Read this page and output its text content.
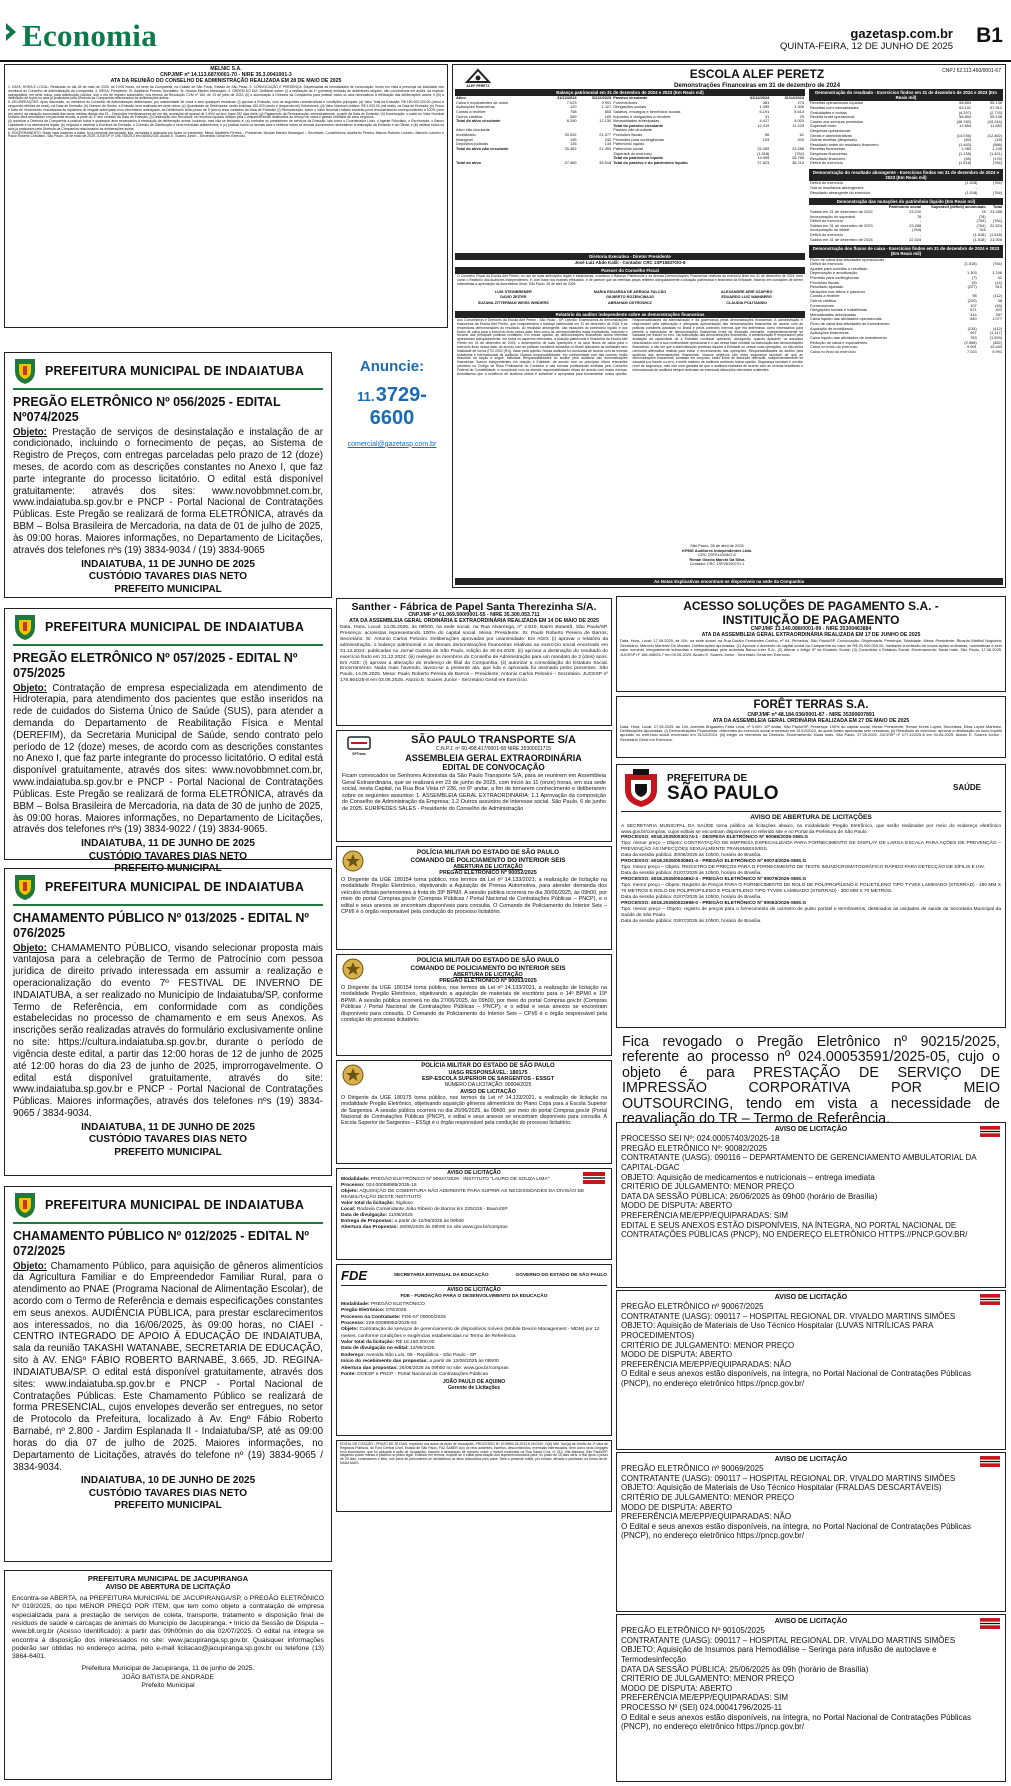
Economia	gazetasp.com.br
QUINTA-FEIRA, 12 DE JUNHO DE 2025 B1
MELNIC S.A.
CNPJ/MF nº 14.113.687/0001-70 - NIRE 35.3.0041001-3
ATA DA REUNIÃO DO CONSELHO DE ADMINISTRAÇÃO REALIZADA EM 28 DE MAIO DE 2025
1. DATA, HORA E LOCAL: Realizada no dia 28 de maio de 2025, às 10:00 horas, na sede da Companhia, na Cidade de São Paulo, Estado de São Paulo. 2. CONVOCAÇÃO E PRESENÇA: Dispensadas as formalidades de convocação, tendo em vista a presença da totalidade dos membros do Conselho de Administração da Companhia. 3. MESA: Presidente: Sr. Adalberto Pereira; Secretário: Sr. Nicolas Martins Marangoni. 4. ORDEM DO DIA: Deliberar sobre: (i) a realização da 1ª (primeira) emissão de debêntures simples, não conversíveis em ações, da espécie quirografária, em série única, para distribuição pública, sob o rito de registro automático, nos termos da Resolução CVM nº 160, de 13 de julho de 2022; (ii) a autorização à Diretoria da Companhia para praticar todos os atos necessários à efetivação das deliberações acima; e (iii) a ratificação de todos os atos já praticados pela Diretoria da Companhia relacionados às deliberações acima.
5. DELIBERAÇÕES: Após discussão, os membros do Conselho de Administração deliberaram, por unanimidade de votos e sem quaisquer ressalvas: (i) aprovar a Emissão, com as seguintes características e condições principais: (a) Valor Total da Emissão: R$ 150.000.000,00 (cento e cinquenta milhões de reais), na Data de Emissão; (b) Número de Séries: a Emissão será realizada em série única; (c) Quantidade de Debêntures: serão emitidas 150.000 (cento e cinquenta mil) Debêntures; (d) Valor Nominal Unitário: R$ 1.000,00 (mil reais), na Data de Emissão; (e) Prazo e Data de Vencimento: ressalvadas as hipóteses de resgate antecipado e/ou vencimento antecipado, as Debêntures terão prazo de 5 (cinco) anos contados da Data de Emissão; (f) Remuneração: sobre o Valor Nominal Unitário incidirão juros remuneratórios correspondentes a 100% (cem por cento) da variação acumulada das taxas médias diárias dos DI – Depósitos Interfinanceiros de um dia, acrescida de spread de 1,60% ao ano, base 252 dias úteis; (g) Pagamento da Remuneração: semestralmente, a partir da Data de Emissão; (h) Amortização: o saldo do Valor Nominal Unitário será amortizado em parcelas anuais, a partir do 3º ano contado da Data de Emissão; (i) Destinação dos Recursos: os recursos líquidos obtidos pela Companhia serão destinados ao reforço de caixa e gestão ordinária de seus negócios.
(ii) autorizar a Diretoria da Companhia a praticar todos e quaisquer atos necessários à efetivação da deliberação acima, incluindo, mas não se limitando a: (a) contratar os prestadores de serviços da Emissão, tais como o Coordenador Líder, o Agente Fiduciário, o Escriturador, o Banco Liquidante e os assessores legais; (b) negociar e celebrar a Escritura de Emissão, o Contrato de Distribuição e seus eventuais aditamentos; e (c) praticar todos os demais atos e celebrar todos os demais documentos necessários à realização da Emissão e da Oferta; e (iii) ratificar todos os atos já praticados pela Diretoria da Companhia relacionados às deliberações acima.
6. ENCERRAMENTO: Nada mais havendo a tratar, foi a presente ata lavrada, lida, aprovada e assinada por todos os presentes. Mesa: Adalberto Pereira – Presidente; Nicolas Martins Marangoni – Secretário. Conselheiros: Adalberto Pereira, Marcos Roberto Loureiro, Marcelo Loureiro e Paulo Roberto Cristófaro. São Paulo, 28 de maio de 2025. JUCESP nº 198.745/25-3 em 06/06/2025. Aloizio E. Soares Junior – Secretário Geral em Exercício.
ALEF PERETZ
ESCOLA ALEF PERETZ	CNPJ 62.113.460/0001-67
Demonstrações Financeiras em 31 de dezembro de 2024
Balanço patrimonial em 31 de dezembro de 2024 e 2023 (Em Reais mil)
Ativo	31/12/2024	31/12/2023	Passivo circulante	31/12/2024	31/12/2023
Caixa e equivalentes de caixa	7.023	9.991	Fornecedores	381	274
Aplicações financeiras	120	1.117	Obrigações sociais	1.399	1.305
Contas a receber	758	853	Salários, encargos e benefícios sociais	6.191	5.614
Outros créditos	389	169	Impostos e obrigações a recolher	31	29
Total do ativo circulante	8.290	12.130	Mensalidades antecipadas	4.417	4.003
			Total do passivo circulante	12.419	11.225
Ativo não circulante			Passivo não circulante		
Imobilizado	20.052	21.077	Provisões fiscais	56	61
Intangível	195	242	Provisões para contingências	193	200
Depósitos judiciais	135	134	Patrimônio líquido		
Total do ativo não circulante	20.382	21.453	Patrimônio social	24.269	23.288
			Superávit do exercício	(1.518)	(764)
			Total do patrimônio líquido	14.995	26.766
Total do ativo	27.489	35.518	Total do passivo e do patrimônio líquido	27.623	38.210
Demonstração do resultado - Exercícios findos em 31 de dezembro de 2024 e 2023 (Em Reais mil)
Receitas operacionais líquidas	58.804	55.136
Receitas com mensalidades	63.101	57.912
Gratuidades e bolsas	(4.297)	(2.776)
Receita bruta operacional	58.804	55.136
Custos dos serviços prestados	(46.150)	(43.244)
Superávit bruto	12.654	11.892
Despesas operacionais		
Gerais e administrativas	(14.035)	(12.462)
Outras receitas (despesas)	(82)	(18)
Resultado antes do resultado financeiro	(1.463)	(588)
Receitas financeiras	1.083	1.245
Despesas financeiras	(1.138)	(1.421)
Resultado financeiro	(55)	(176)
Déficit do exercício	(1.518)	(764)
Demonstração do resultado abrangente - Exercícios findos em 31 de dezembro de 2024 e 2023 (Em Reais mil)
Déficit do exercício	(1.518)	(764)
Outros resultados abrangentes	-	-
Resultado abrangente do exercício	(1.518)	(764)
Demonstração das mutações do patrimônio líquido (Em Reais mil)
	Patrimônio social	Superávit (déficit) acumulado	Total
Saldos em 31 de dezembro de 2022	23.210	78	23.288
Incorporação do superávit	78	(78)	-
Déficit do exercício	-	(764)	(764)
Saldos em 31 de dezembro de 2023	23.288	(764)	22.524
Incorporação do déficit	(764)	764	-
Déficit do exercício	-	(1.518)	(1.518)
Saldos em 31 de dezembro de 2024	22.524	(1.518)	21.006
Demonstração dos fluxos de caixa - Exercícios findos em 31 de dezembro de 2024 e 2023 (Em Reais mil)
Fluxo de caixa das atividades operacionais		
Déficit do exercício	(1.518)	(764)
Ajustes para conciliar o resultado		
Depreciação e amortização	1.303	1.246
Provisão para contingências	(7)	42
Provisões fiscais	(5)	(14)
Resultado ajustado	(227)	510
Variações nos ativos e passivos		
Contas a receber	95	(112)
Outros créditos	(220)	38
Fornecedores	107	(48)
Obrigações sociais e trabalhistas	671	402
Mensalidades antecipadas	414	287
Caixa líquido das atividades operacionais	840	1.077
Fluxo de caixa das atividades de investimento		
Aquisição de imobilizado	(234)	(412)
Aplicações financeiras	997	(1.117)
Caixa líquido das atividades de investimento	763	(1.529)
Redução de caixa e equivalentes	(2.968)	(452)
Caixa no início do exercício	9.991	10.443
Caixa no final do exercício	7.023	9.991
Diretoria Executiva - Diretor Presidente
José Luiz Abdo Kalili - Contador CRC 1SP158370/O-8
Parecer do Conselho Fiscal
O Conselho Fiscal da Escola Alef Peretz, no uso de suas atribuições legais e estatutárias, examinou o Balanço Patrimonial e as demais Demonstrações Financeiras relativas ao exercício findo em 31 de dezembro de 2024, bem como o Relatório dos Auditores Independentes, e, com base nos exames efetuados, é de parecer que as referidas peças refletem adequadamente a situação patrimonial e financeira da Entidade, estando em condições de serem submetidas à apreciação da Assembleia Geral. São Paulo, 28 de abril de 2025.
LUIS STEINBRENER	MARIA EDUARDA DE ARRUDA FALCÃO	ALEXANDRE ARIÉ SZAPIRO
DAVID ZEITER	GILBERTO ROZENCWAJG	EDUARDO LUIZ WAINBERG
SUZANA ZITTERMAN WEISS WINDERS	ABRAHAM OSTROWICZ	CLAUDIA POLITANSKI
Relatório do auditor independente sobre as demonstrações financeiras
Aos Conselheiros e Diretores da Escola Alef Peretz - São Paulo - SP. Opinião: Examinamos as demonstrações financeiras da Escola Alef Peretz, que compreendem o balanço patrimonial em 31 de dezembro de 2024 e as respectivas demonstrações do resultado, do resultado abrangente, das mutações do patrimônio líquido e dos fluxos de caixa para o exercício findo nessa data, bem como as correspondentes notas explicativas, incluindo o resumo das principais políticas contábeis. Em nossa opinião, as demonstrações financeiras acima referidas apresentam adequadamente, em todos os aspectos relevantes, a posição patrimonial e financeira da Escola Alef Peretz em 31 de dezembro de 2024, o desempenho de suas operações e os seus fluxos de caixa para o exercício findo nessa data, de acordo com as práticas contábeis adotadas no Brasil aplicáveis às entidades sem finalidade de lucros (ITG 2002 (R1)). Base para opinião: Nossa auditoria foi conduzida de acordo com as normas brasileiras e internacionais de auditoria. Nossas responsabilidades, em conformidade com tais normas, estão descritas na seção a seguir, intitulada Responsabilidades do auditor pela auditoria das demonstrações financeiras. Somos independentes em relação à Entidade, de acordo com os princípios éticos relevantes previstos no Código de Ética Profissional do Contador e nas normas profissionais emitidas pelo Conselho Federal de Contabilidade, e cumprimos com as demais responsabilidades éticas de acordo com essas normas. Acreditamos que a evidência de auditoria obtida é suficiente e apropriada para fundamentar nossa opinião. Responsabilidades da administração e da governança pelas demonstrações financeiras: A administração é responsável pela elaboração e adequada apresentação das demonstrações financeiras de acordo com as práticas contábeis adotadas no Brasil e pelos controles internos que ela determinou como necessários para permitir a elaboração de demonstrações financeiras livres de distorção relevante, independentemente se causada por fraude ou erro. Na elaboração das demonstrações financeiras, a administração é responsável pela avaliação da capacidade de a Entidade continuar operando, divulgando, quando aplicável, os assuntos relacionados com a sua continuidade operacional e o uso dessa base contábil na elaboração das demonstrações financeiras, a não ser que a administração pretenda liquidar a Entidade ou cessar suas operações, ou não tenha nenhuma alternativa realista para evitar o encerramento das operações. Responsabilidades do auditor pela auditoria das demonstrações financeiras: Nossos objetivos são obter segurança razoável de que as demonstrações financeiras, tomadas em conjunto, estão livres de distorção relevante, independentemente se causada por fraude ou erro, e emitir relatório de auditoria contendo nossa opinião. Segurança razoável é um alto nível de segurança, mas não uma garantia de que a auditoria realizada de acordo com as normas brasileiras e internacionais de auditoria sempre detectam as eventuais distorções relevantes existentes.
São Paulo, 28 de abril de 2025
KPMG Auditores Independentes Ltda.
CRC 2SP014428/O-6
Renan Garcia Marchi Da Silva
Contador CRC 1SP261007/O-1
As Notas Explicativas encontram-se disponíveis na sede da Companhia
PREFEITURA MUNICIPAL DE INDAIATUBA
PREGÃO ELETRÔNICO Nº 056/2025 - EDITAL Nº074/2025
Objeto: Prestação de serviços de desinstalação e instalação de ar condicionado, incluindo o fornecimento de peças, ao Sistema de Registro de Preços, com entregas parceladas pelo prazo de 12 (doze) meses, de acordo com as descrições constantes no Anexo I, que faz parte integrante do processo licitatório. O edital está disponível gratuitamente: através dos sites: www.novobbmnet.com.br, www.indaiatuba.sp.gov.br e PNCP - Portal Nacional de Contratações Públicas. Este Pregão se realizará de forma ELETRÔNICA, através da BBM – Bolsa Brasileira de Mercadoria, na data de 01 de julho de 2025, às 09:00 horas. Maiores informações, no Departamento de Licitações, através dos telefones nºs (19) 3834-9034 / (19) 3834-9065
INDAIATUBA, 11 DE JUNHO DE 2025
CUSTÓDIO TAVARES DIAS NETO
PREFEITO MUNICIPAL
Anuncie:
11. 3729-6600
comercial@gazetasp.com.br
PREFEITURA MUNICIPAL DE INDAIATUBA
PREGÃO ELETRÔNICO Nº 057/2025 - EDITAL Nº 075/2025
Objeto: Contratação de empresa especializada em atendimento de Hidroterapia, para atendimento dos pacientes que estão inseridos na rede de cuidados do Sistema Único de Saúde (SUS), para atender a demanda do Departamento de Reabilitação Física e Mental (DEREFIM), da Secretaria Municipal de Saúde, sendo contrato pelo período de 12 (doze) meses, de acordo com as descrições constantes no Anexo I, que faz parte integrante do processo licitatório. O edital está disponível gratuitamente, através dos sites: www.novobbmnet.com.br, www.indaiatuba.sp.gov.br e PNCP - Portal Nacional de Contratações Públicas. Este Pregão se realizará de forma ELETRÔNICA, através da BBM – Bolsa Brasileira de Mercadoria, na data de 30 de junho de 2025, às 09:00 horas. Maiores informações, no Departamento de Licitações, através dos telefones nºs (19) 3834-9022 / (19) 3834-9065.
INDAIATUBA, 11 DE JUNHO DE 2025
CUSTÓDIO TAVARES DIAS NETO
PREFEITO MUNICIPAL
PREFEITURA MUNICIPAL DE INDAIATUBA
CHAMAMENTO PÚBLICO Nº 013/2025 - EDITAL Nº 076/2025
Objeto: CHAMAMENTO PÚBLICO, visando selecionar proposta mais vantajosa para a celebração de Termo de Patrocínio com pessoa jurídica de direito privado interessada em assumir a realização e operacionalização do evento 7º FESTIVAL DE INVERNO DE INDAIATUBA, a ser realizado no Município de Indaiatuba/SP, conforme Termo de Referência, em conformidade com as condições estabelecidas no processo de chamamento e em seus Anexos. As inscrições serão realizadas através do formulário exclusivamente online no site: https://cultura.indaiatuba.sp.gov.br, durante o período de vigência deste edital, a partir das 12:00 horas de 12 de junho de 2025 até 12:00 horas do dia 23 de junho de 2025, improrrogavelmente. O edital está disponível gratuitamente, através do site: www.indaiatuba.sp.gov.br e PNCP - Portal Nacional de Contratações Públicas. Maiores informações, através dos telefones nºs (19) 3834-9065 / 3834-9034.
INDAIATUBA, 11 DE JUNHO DE 2025
CUSTÓDIO TAVARES DIAS NETO
PREFEITO MUNICIPAL
PREFEITURA MUNICIPAL DE INDAIATUBA
CHAMAMENTO PÚBLICO Nº 012/2025 - EDITAL Nº 072/2025
Objeto: Chamamento Público, para aquisição de gêneros alimentícios da Agricultura Familiar e do Empreendedor Familiar Rural, para o atendimento ao PNAE (Programa Nacional de Alimentação Escolar), de acordo com o Termo de Referência e demais especificações constantes em seus anexos. AUDIÊNCIA PÚBLICA, para prestar esclarecimentos aos interessados, no dia 16/06/2025, às 09:00 horas, no CIAEI - CENTRO INTEGRADO DE APOIO À EDUCAÇÃO DE INDAIATUBA, sala da reunião TAKASHI WATANABE, SECRETARIA DE EDUCAÇÃO, sito à AV. ENGº FÁBIO ROBERTO BARNABÉ, 3.665, JD. REGINA-INDAIATUBA/SP. O edital está disponível gratuitamente, através dos sites: www.indaiatuba.sp.gov.br e PNCP - Portal Nacional de Contratações Públicas. Este Chamamento Público se realizará de forma PRESENCIAL, cujos envelopes deverão ser entregues, no setor de Protocolo da Prefeitura, localizado à Av. Engº Fábio Roberto Barnabé, nº 2.800 - Jardim Esplanada II - Indaiatuba/SP, até as 09:00 horas do dia 07 de julho de 2025. Maiores informações, no Departamento de Licitações, através do telefone nº (19) 3834-9065 / 3834-9034.
INDAIATUBA, 10 DE JUNHO DE 2025
CUSTÓDIO TAVARES DIAS NETO
PREFEITO MUNICIPAL
PREFEITURA MUNICIPAL DE JACUPIRANGA
AVISO DE ABERTURA DE LICITAÇÃO
Encontra-se ABERTA, na PREFEITURA MUNICIPAL DE JACUPIRANGA/SP, o PREGÃO ELETRÔNICO Nº 019/2025, do tipo MENOR PREÇO POR ITEM, que tem como objeto a contratação de empresa especializada para a prestação de serviços de coleta, transporte, tratamento e disposição final de resíduos de saúde e carcaças de animais do Município de Jacupiranga. • Início da Sessão de Disputa – www.bll.org.br (Acesso Identificado): a partir das 09h00min do dia 02/07/2025. O edital na íntegra se encontra à disposição dos interessados no site: www.jacupiranga.sp.gov.br. Quaisquer informações poderão ser obtidas no endereço acima, pelo e-mail licitacao@jacupiranga.sp.gov.br ou telefone (13) 3864-6401.
Prefeitura Municipal de Jacupiranga, 11 de junho de 2025.
JOÃO BATISTA DE ANDRADE
Prefeito Municipal
Santher - Fábrica de Papel Santa Therezinha S/A.
CNPJ/MF nº 61.069.500/0001-55 - NIRE 35.300.053.711
ATA DA ASSEMBLEIA GERAL ORDINÁRIA E EXTRAORDINÁRIA REALIZADA EM 14 DE MAIO DE 2025
Data, Hora, Local: 14.05.2025, às 09h00, na sede social, na Rua Alvarenga, nº 2.510, Bairro Butantã, São Paulo/SP. Presença: acionistas representando 100% do capital social. Mesa: Presidente: Sr. Paulo Roberto Pereira de Barros; Secretário: Sr. Antonio Carlos Pelosini. Deliberações aprovadas por unanimidade: Em AGO: (i) aprovar o relatório da administração, o balanço patrimonial e as demais demonstrações financeiras relativas ao exercício social encerrado em 31.12.2024, publicadas no Jornal Gazeta de São Paulo, edição de 30.04.2025; (ii) aprovar a destinação do resultado do exercício findo em 31.12.2024; (iii) reeleger os membros do Conselho de Administração para um mandato de 2 (dois) anos. Em AGE: (i) aprovar a alteração do endereço de filial da Companhia; (ii) autorizar a consolidação do Estatuto Social. Encerramento: Nada mais havendo, lavrou-se a presente ata, que lida e aprovada foi assinada pelos presentes. São Paulo, 14.05.2025. Mesa: Paulo Roberto Pereira de Barros – Presidente; Antonio Carlos Pelosini – Secretário. JUCESP nº 176.864/25-8 em 03.06.2025. Aloizio E. Soares Junior - Secretário Geral em Exercício.
ACESSO SOLUÇÕES DE PAGAMENTO S.A. -
INSTITUIÇÃO DE PAGAMENTO
CNPJ/MF 13.140.088/0001-99 - NIRE 35300463884
ATA DA ASSEMBLEIA GERAL EXTRAORDINÁRIA REALIZADA EM 17 DE JUNHO DE 2025
Data, Hora, Local: 17.06.2025, às 10h, na sede social, na Rua Doutor Fernandes Coelho, nº 64, Pinheiros, São Paulo/SP. Convocação: Dispensada. Presença: Totalidade. Mesa: Presidente: Ricardo Mattioli Nogueira; Secretário: Marcelo Martinez De Moraes. Deliberações aprovadas: (1) Aprovar o aumento do capital social da Companhia no valor de R$ 20.000.000,00, mediante a emissão de novas ações ordinárias, nominativas e sem valor nominal, integralmente subscritas e integralizadas pela acionista Banco Inter S.A.; (2) Alterar o Artigo 5º do Estatuto Social; (3) Consolidar o Estatuto Social. Encerramento: Nada mais. São Paulo, 17.06.2025. JUCESP nº 186.498/25-7 em 09.06.2025. Aloizio E. Soares Junior - Secretário Geral em Exercício.
FORÊT TERRAS S.A.
CNPJ/MF nº 48.184.036/0001-87 - NIRE 35300607891
ATA DA ASSEMBLEIA GERAL ORDINÁRIA REALIZADA EM 27 DE MAIO DE 2025
Data, Hora, Local: 27.05.2025, às 10h, Avenida Brigadeiro Faria Lima, nº 3.900, 10º andar, São Paulo/SP. Presença: 100% do capital social. Mesa: Presidente: Renan Krebs Lopes; Secretária: Elisa Lopes Martinez. Deliberações Aprovadas: (i) Demonstrações Financeiras: referentes ao exercício social encerrado em 31/12/2024, as quais foram aprovadas sem ressalvas; (ii) Resultado do exercício: aprovar a destinação do lucro líquido apurado no exercício social encerrado em 31/12/2024; (iii) eleger os membros da Diretoria. Encerramento: Nada mais. São Paulo, 27.05.2025. JUCESP nº 177.422/25-6 em 04.06.2025. Aloizio E. Soares Junior - Secretário Geral em Exercício.
SPTrans
SÃO PAULO TRANSPORTE S/A
C.N.P.J. nº 60.498.417/0001-58 NIRE 35300011715
ASSEMBLEIA GERAL EXTRAORDINÁRIA
EDITAL DE CONVOCAÇÃO
Ficam convocados os Senhores Acionistas da São Paulo Transporte S/A, para se reunirem em Assembleia Geral Extraordinária, que se realizará em 23 de junho de 2025, com início às 11 (onze) horas, em sua sede social, nesta Capital, na Rua Boa Vista nº 236, no 6º andar, a fim de tomarem conhecimento e deliberarem sobre os seguintes assuntos: 1. ASSEMBLEIA GERAL EXTRAORDINÁRIA: 1.1 Aprovação da composição do Conselho de Administração da Empresa; 1.2 Outros assuntos de interesse social. São Paulo, 6 de junho de 2025. EURÍPEDES SALES - Presidente do Conselho de Administração
POLÍCIA MILITAR DO ESTADO DE SÃO PAULO
COMANDO DE POLICIAMENTO DO INTERIOR SEIS
ABERTURA DE LICITAÇÃO
PREGÃO ELETRÔNICO Nº 90052/2025
O Dirigente da UGE 180154 torna público, nos termos da Lei nº 14.133/2021, a realização de licitação na modalidade Pregão Eletrônico, objetivando a Aquisição de Prensa Automotiva, para atender demanda dos veículos oficiais pertencentes à frota do 39º BPM/I. A sessão pública ocorrerá no dia 30/06/2025, às 09h00, por meio do portal Compras.gov.br (Compras Públicas / Portal Nacional de Contratações Públicas – PNCP), e o edital e seus anexos se encontram disponíveis para consulta. O Comando de Policiamento do Interior Seis – CPI/6 é o órgão responsável pela condução do processo licitatório.
POLÍCIA MILITAR DO ESTADO DE SÃO PAULO
COMANDO DE POLICIAMENTO DO INTERIOR SEIS
ABERTURA DE LICITAÇÃO
PREGÃO ELETRÔNICO Nº 90053/2025
O Dirigente da UGE 180154 torna público, nos termos da Lei nº 14.133/2021, a realização de licitação na modalidade Pregão Eletrônico, objetivando a aquisição de materiais de escritório para o 14º BPM/I e 19º BPM/I. A sessão pública ocorrerá no dia 27/06/2025, às 09h00, por meio do portal Compras.gov.br (Compras Públicas / Portal Nacional de Contratações Públicas – PNCP), e o edital e seus anexos se encontram disponíveis para consulta. O Comando de Policiamento do Interior Seis – CPI/6 é o órgão responsável pela condução do processo licitatório.
POLÍCIA MILITAR DO ESTADO DE SÃO PAULO
UASG RESPONSÁVEL: 180175
ESP-ESCOLA SUPERIOR DE SARGENTOS - ESSGT
NÚMERO DA LICITAÇÃO: 90004/2025
AVISO DE LICITAÇÃO
O Dirigente da UGE 180175 torna público, nos termos da Lei nº 14.133/2021, a realização de licitação na modalidade Pregão Eletrônico, objetivando aquisição gêneros alimentícios do Plano Copa para a Escola Superior de Sargentos. A sessão pública ocorrerá no dia 26/06/2025, às 09h00, por meio do portal Compras.gov.br (Portal Nacional de Contratações Públicas (PNCP), e edital e seus anexos se encontram disponíveis para consulta. A Escola Superior de Sargentos – ESSgt é o órgão responsável pela condução do processo licitatório.
AVISO DE LICITAÇÃO
Modalidade: PREGÃO ELETRÔNICO Nº 90047/2025 - INSTITUTO "LAURO DE SOUZA LIMA"
Processo: 024.00058989/2025-15
Objeto: AQUISIÇÃO DE COBERTURA NÃO ADERENTE PARA SUPRIR AS NECESSIDADES DA DIVISÃO DE REABILITAÇÃO DESTE INSTITUTO
Valor total da licitação: Sigiloso
Local: Rodovia Comandante João Ribeiro de Barros km 225/226 - Bauru/SP
Data de divulgação: 11/06/2025
Entrega de Propostas: a partir de 12/06/2025 às 09h00
Abertura das Propostas: 26/06/2025 às 09h00 no site www.gov.br/compras
FDE	SECRETARIA ESTADUAL DA EDUCAÇÃO	GOVERNO DO ESTADO DE SÃO PAULO
AVISO DE LICITAÇÃO
FDE - FUNDAÇÃO PARA O DESENVOLVIMENTO DA EDUCAÇÃO
Modalidade: PREGÃO ELETRÔNICO
Pregão Eletrônico: 078/2025
Processo na Contratante: FDE-Nº 00000/2025
Processo: 229.00088952/2025-53
Objeto: Contratação de serviços de gerenciamento de dispositivos móveis (Mobile Device Management - MDM) por 12 meses, conforme condições e exigências estabelecidas no Termo de Referência.
Valor total da licitação: R$ 18.150.000,00
Data de divulgação no edital: 12/06/2025
Endereço: Avenida São Luís, 99 - República - São Paulo - SP
Início do recebimento das propostas: a partir de 12/06/2025 às 09h00
Abertura das propostas: 26/06/2025 às 09h00 no site: www.gov.br/compras
Fonte: DOESP e PNCP - Portal Nacional de Contratações Públicas
JOÃO PAULO DE AQUINO
Gerente de Licitações
EDITAL DE CITAÇÃO - PRAZO DE 30 DIAS, expedido nos autos da Ação de Usucapião, PROCESSO Nº 1019854-25.2024.8.26.0100. O(A) MM. Juiz(a) de Direito da 1ª Vara de Registros Públicos, do Foro Central Cível, Estado de São Paulo, FAZ SABER a(o) os réus ausentes, incertos, desconhecidos, eventuais interessados, bem como seus cônjuges e/ou sucessores, que foi ajuizada a ação de Usucapião, visando a declaração de domínio sobre o imóvel localizado na Rua Santa Cruz, nº 212, Vila Mariana, São Paulo/SP, alegando posse mansa e pacífica no prazo legal. Estando em termos, expede-se o edital para citação dos supramencionados para, no prazo de 15 dias úteis, a fluir após o prazo de 30 dias, contestarem o feito, sob pena de presumirem-se verdadeiros os fatos articulados pelo autor. Será o presente edital, por extrato, afixado e publicado na forma da lei. NADA MAIS.
PREFEITURA DE
SÃO PAULO	SAÚDE
AVISO DE ABERTURA DE LICITAÇÕES
A SECRETARIA MUNICIPAL DA SAÚDE torna público as licitações abaixo, na modalidade Pregão Eletrônico, que serão realizadas por meio do endereço eletrônico www.gov.br/compras, cujos editais se encontram disponíveis no referido site e no Portal da Prefeitura de São Paulo.
PROCESSO: 6018.2025/0030174-1 - DESPESA ELETRÔNICO Nº 90068/2025-SMS.G
Tipo: menor preço – Objeto: CONTRATAÇÃO DE EMPRESA ESPECIALIZADA PARA FORNECIMENTO DE DISPLAY DE LARGA ESCALA PARA AÇÕES DE PREVENÇÃO – PREVENÇÃO ÀS INFECÇÕES SEXUALMENTE TRANSMISSÍVEIS.
Data da sessão pública: 30/06/2025 às 10h00, horário de Brasília.
PROCESSO: 6018.2025/0030861-4 - PREGÃO ELETRÔNICO Nº 90074/2025-SMS.G
Tipo: menor preço – Objeto: REGISTRO DE PREÇOS PARA O FORNECIMENTO DE TESTE IMUNOCROMATOGRÁFICO RÁPIDO PARA DETECÇÃO DE SÍFILIS E HIV.
Data da sessão pública: 01/07/2025 às 10h00, horário de Brasília.
PROCESSO: 6018.2025/0024862-3 - PREGÃO ELETRÔNICO Nº 90079/2025-SMS.G
Tipo: menor preço – Objeto: Registro de Preços PARA O FORNECIMENTO DE ROLO DE POLIPROPILENO E POLIETILENO TIPO TYVEK LAMINADO (STERRAD) - 180 MM X 70 METROS E ROLO DE POLIPROPILENO E POLIETILENO TIPO TYVEK LAMINADO (STERRAD) - 300 MM X 70 METROS.
Data da sessão pública: 02/07/2025 às 10h00, horário de Brasília.
PROCESSO: 6018.2025/0022698-0 - PREGÃO ELETRÔNICO Nº 90063/2025-SMS.G
Tipo: menor preço – Objeto: registro de preços para o fornecimento de oxímetro de pulso portátil e termômetros, destinados às unidades de saúde da Secretaria Municipal da Saúde de São Paulo.
Data da sessão pública: 03/07/2025 às 10h00, horário de Brasília.
Fica revogado o Pregão Eletrônico nº 90215/2025, referente ao processo nº 024.00053591/2025-05, cujo o objeto é para PRESTAÇÃO DE SERVIÇO DE IMPRESSÃO CORPORATIVA POR MEIO OUTSOURCING, tendo em vista a necessidade de reavaliação do TR – Termo de Referência.
AVISO DE LICITAÇÃO
PROCESSO SEI Nº: 024.00057403/2025-18
PREGÃO ELETRÔNICO Nº: 90082/2025
CONTRATANTE (UASG): 090116 – DEPARTAMENTO DE GERENCIAMENTO AMBULATORIAL DA CAPITAL-DGAC
OBJETO: Aquisição de medicamentos e nutricionais – entrega imediata
CRITÉRIO DE JULGAMENTO: MENOR PREÇO
DATA DA SESSÃO PÚBLICA: 26/06/2025 às 09h00 (horário de Brasília)
MODO DE DISPUTA: ABERTO
PREFERÊNCIA ME/EPP/EQUIPARADAS: SIM
EDITAL E SEUS ANEXOS ESTÃO DISPONÍVEIS, NA ÍNTEGRA, NO PORTAL NACIONAL DE CONTRATAÇÕES PÚBLICAS (PNCP), NO ENDEREÇO ELETRÔNICO HTTPS://PNCP.GOV.BR/
AVISO DE LICITAÇÃO
PREGÃO ELETRÔNICO nº 90067/2025
CONTRATANTE (UASG): 090117 – HOSPITAL REGIONAL DR. VIVALDO MARTINS SIMÕES
OBJETO: Aquisição de Materiais de Uso Técnico Hospitalar (LUVAS NITRÍLICAS PARA PROCEDIMENTOS)
CRITÉRIO DE JULGAMENTO: MENOR PREÇO
MODO DE DISPUTA: ABERTO
PREFERÊNCIA ME/EPP/EQUIPARADAS: NÃO
O Edital e seus anexos estão disponíveis, na íntegra, no Portal Nacional de Contratações Públicas (PNCP), no endereço eletrônico https://pncp.gov.br/
AVISO DE LICITAÇÃO
PREGÃO ELETRÔNICO nº 90069/2025
CONTRATANTE (UASG): 090117 – HOSPITAL REGIONAL DR. VIVALDO MARTINS SIMÕES
OBJETO: Aquisição de Materiais de Uso Técnico Hospitalar (FRALDAS DESCARTÁVEIS)
CRITÉRIO DE JULGAMENTO: MENOR PREÇO
MODO DE DISPUTA: ABERTO
PREFERÊNCIA ME/EPP/EQUIPARADAS: NÃO
O Edital e seus anexos estão disponíveis, na íntegra, no Portal Nacional de Contratações Públicas (PNCP), no endereço eletrônico https://pncp.gov.br/
AVISO DE LICITAÇÃO
PREGÃO ELETRÔNICO Nº 90105/2025
CONTRATANTE (UASG): 090117 – HOSPITAL REGIONAL DR. VIVALDO MARTINS SIMÕES
OBJETO: Aquisição de Insumos para Hemodiálise – Seringa para infusão de autoclave e Termodesinfecção
DATA DA SESSÃO PÚBLICA: 25/06/2025 às 09h (horário de Brasília)
CRITÉRIO DE JULGAMENTO: MENOR PREÇO
MODO DE DISPUTA: ABERTO
PREFERÊNCIA ME/EPP/EQUIPARADAS: SIM
PROCESSO Nº (SEI) 024.00041796/2025-11
O Edital e seus anexos estão disponíveis, na íntegra, no Portal Nacional de Contratações Públicas (PNCP), no endereço eletrônico https://pncp.gov.br/
